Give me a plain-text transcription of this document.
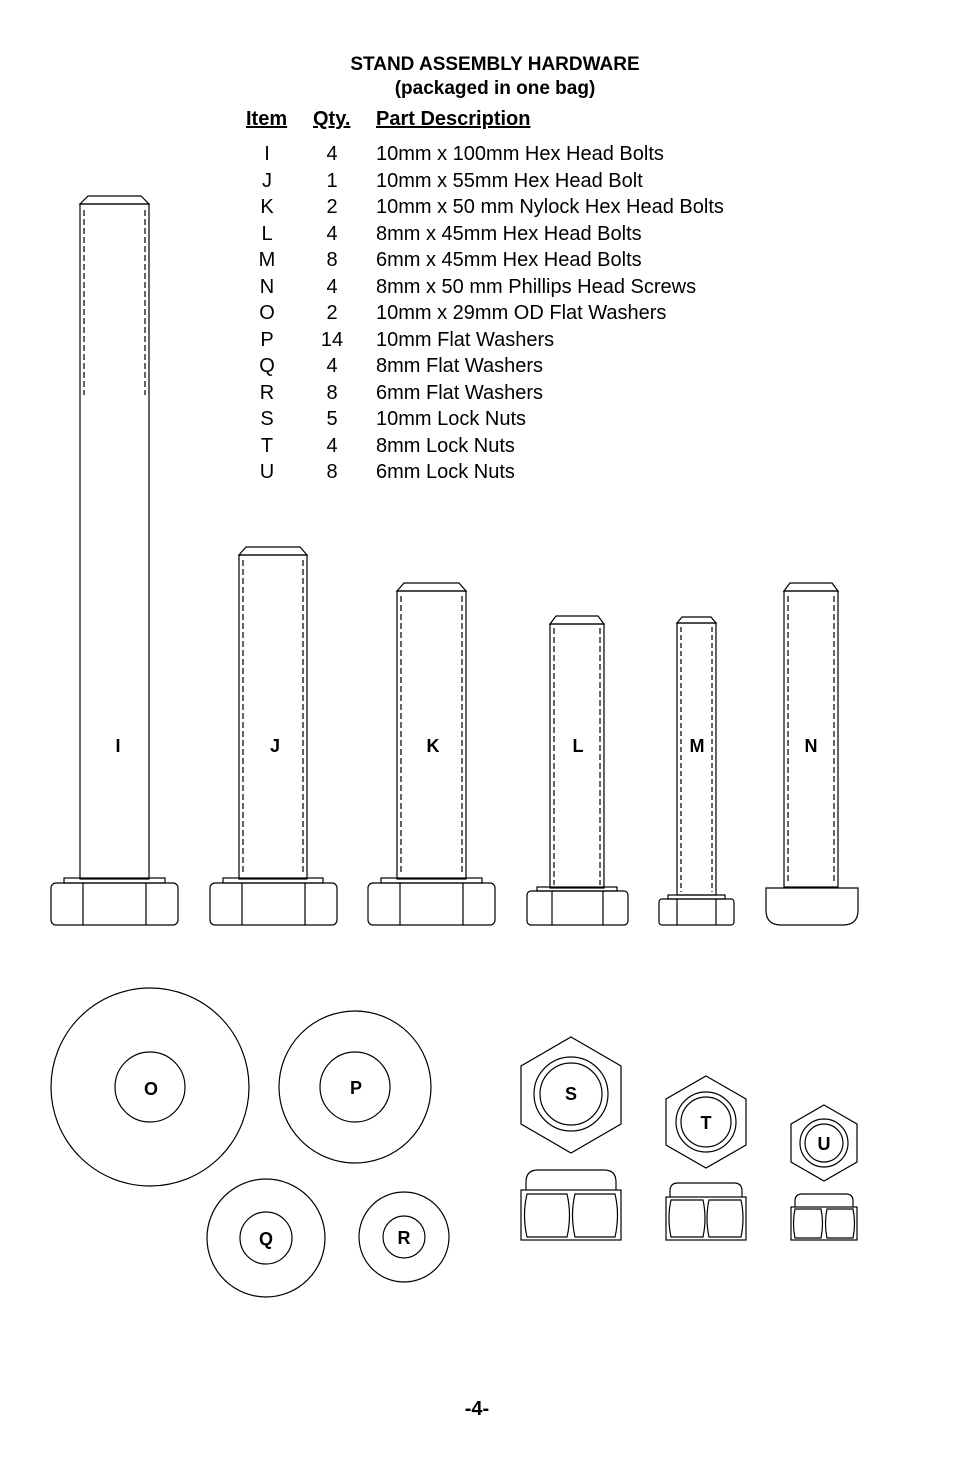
STAND ASSEMBLY HARDWARE
(packaged in one bag)
Item Qty. Part Description
I	4	10mm x 100mm Hex Head Bolts
J	1	10mm x 55mm Hex Head Bolt
K	2	10mm x 50 mm Nylock Hex Head Bolts
L	4	8mm x 45mm Hex Head Bolts
M	8	6mm x 45mm Hex Head Bolts
N	4	8mm x 50 mm Phillips Head Screws
O	2	10mm x 29mm OD Flat Washers
P	14	10mm Flat Washers
Q	4	8mm Flat Washers
R	8	6mm Flat Washers
S	5	10mm Lock Nuts
T	4	8mm Lock Nuts
U	8	6mm Lock Nuts
I	J	K	L	M	N
O	P
Q	R
S
T
U
-4-
